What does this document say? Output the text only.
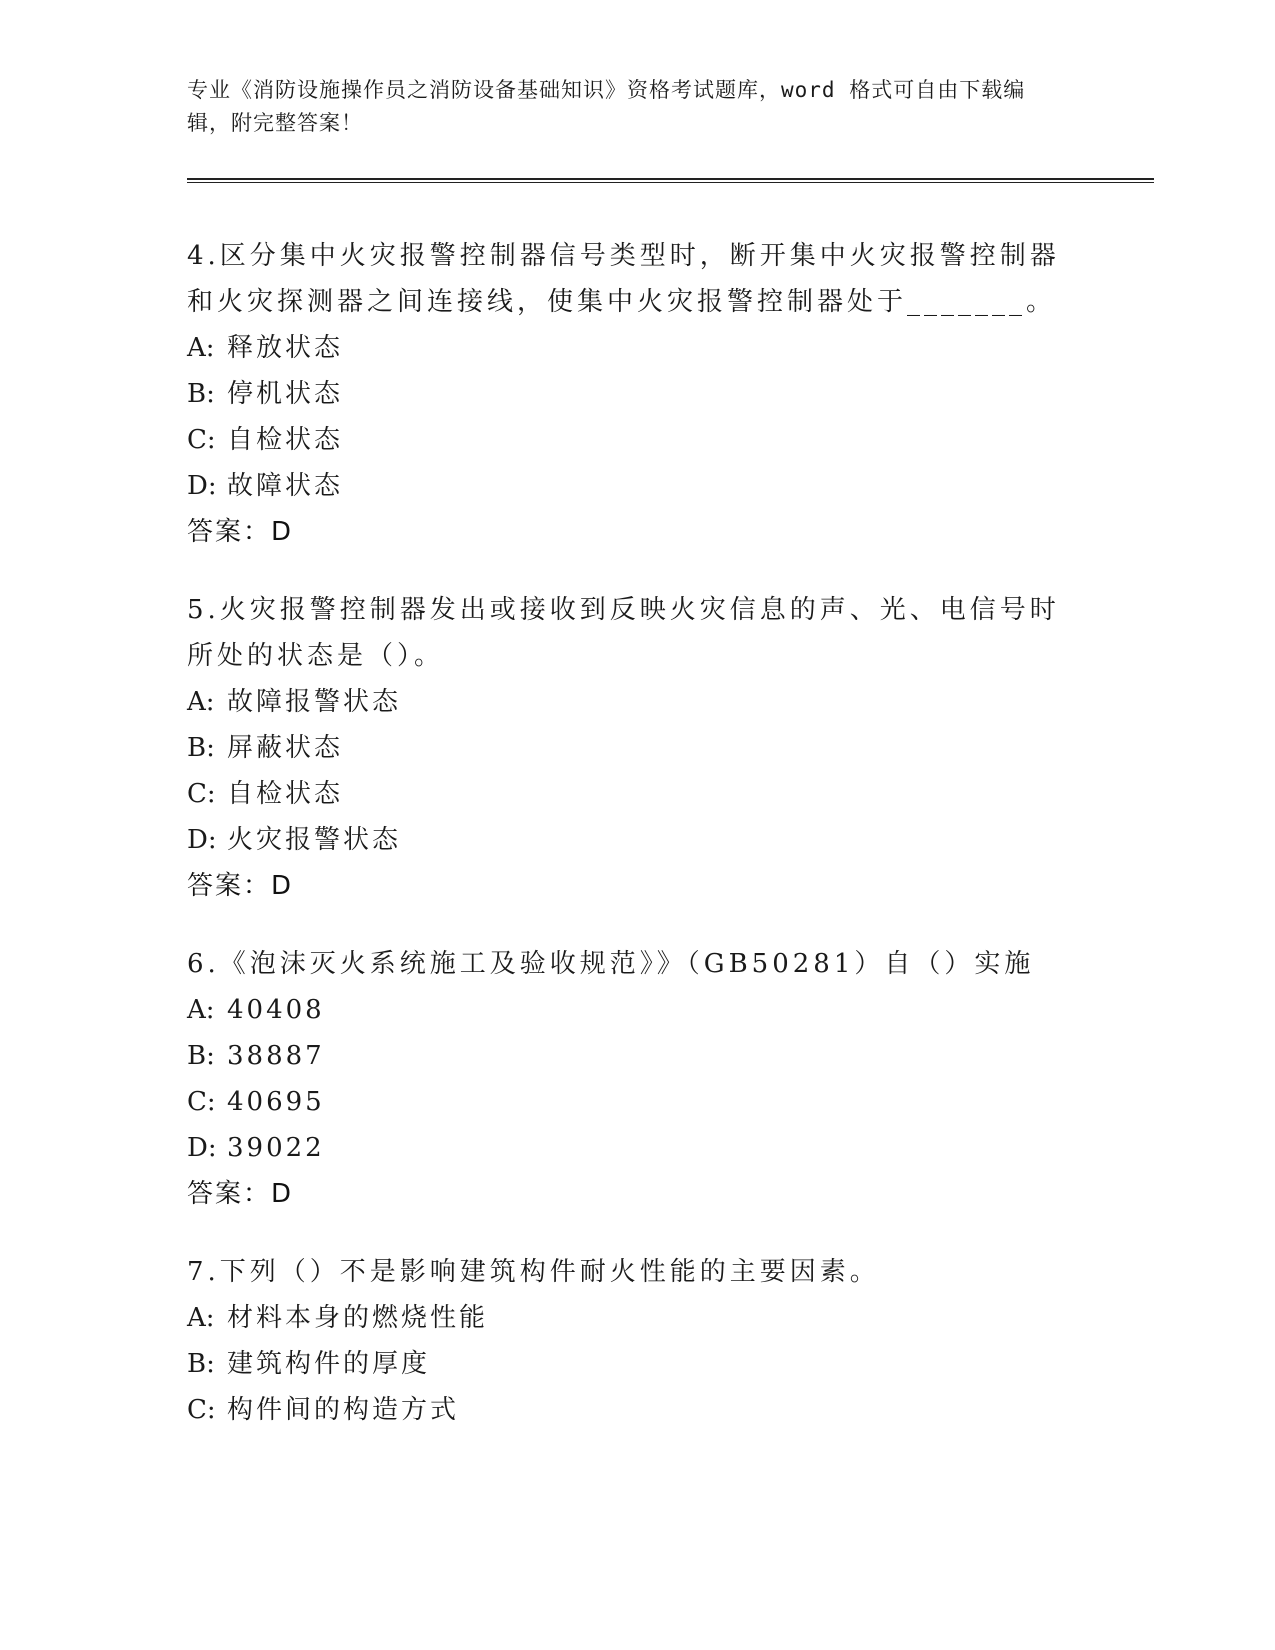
专业《消防设施操作员之消防设备基础知识》资格考试题库，word 格式可自由下载编辑，附完整答案！
4.区分集中火灾报警控制器信号类型时，断开集中火灾报警控制器和火灾探测器之间连接线，使集中火灾报警控制器处于_______。
A: 释放状态
B: 停机状态
C: 自检状态
D: 故障状态
答案：D
5.火灾报警控制器发出或接收到反映火灾信息的声、光、电信号时所处的状态是（）。
A: 故障报警状态
B: 屏蔽状态
C: 自检状态
D: 火灾报警状态
答案：D
6.《泡沫灭火系统施工及验收规范》》（GB50281）自（）实施
A: 40408
B: 38887
C: 40695
D: 39022
答案：D
7.下列（）不是影响建筑构件耐火性能的主要因素。
A: 材料本身的燃烧性能
B: 建筑构件的厚度
C: 构件间的构造方式
